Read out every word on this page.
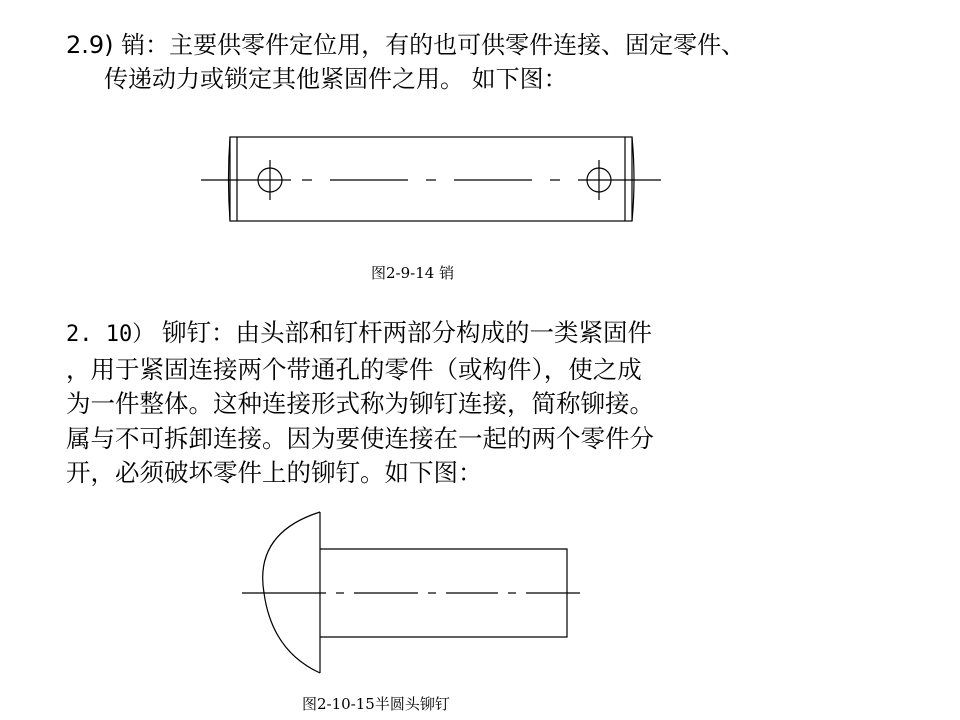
2.9) 销：主要供零件定位用，有的也可供零件连接、固定零件、
传递动力或锁定其他紧固件之用。 如下图：
图2-9-14 销
2. 10） 铆钉：由头部和钉杆两部分构成的一类紧固件
，用于紧固连接两个带通孔的零件（或构件），使之成
为一件整体。这种连接形式称为铆钉连接，简称铆接。
属与不可拆卸连接。因为要使连接在一起的两个零件分
开，必须破坏零件上的铆钉。如下图：
图2-10-15半圆头铆钉
